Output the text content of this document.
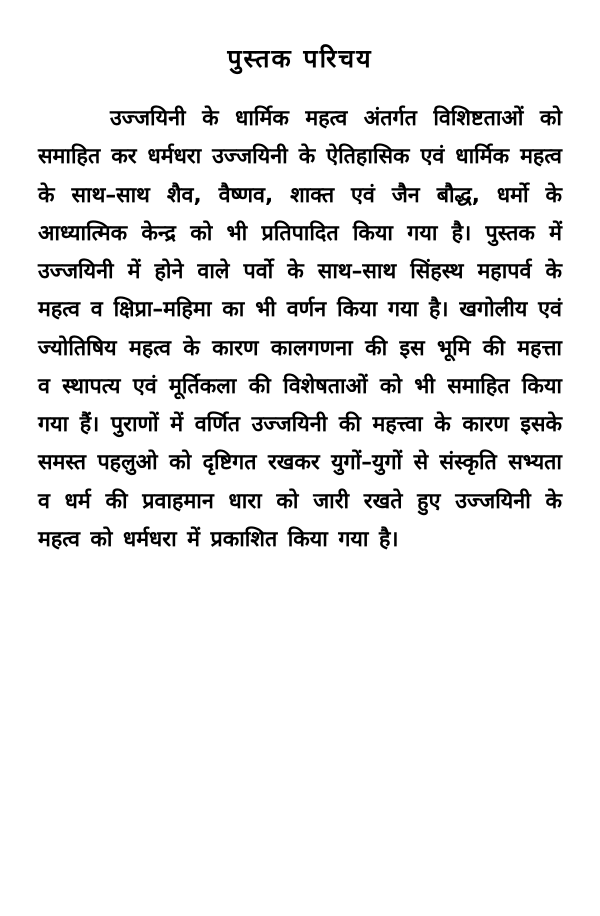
पुस्तक परिचय

उज्जयिनी के धार्मिक महत्व अंतर्गत विशिष्टताओं को समाहित कर धर्मधरा उज्जयिनी के ऐतिहासिक एवं धार्मिक महत्व के साथ–साथ शैव, वैष्णव, शाक्त एवं जैन बौद्ध, धर्मो के आध्यात्मिक केन्द्र को भी प्रतिपादित किया गया है। पुस्तक में उज्जयिनी में होने वाले पर्वो के साथ–साथ सिंहस्थ महापर्व के महत्व व क्षिप्रा–महिमा का भी वर्णन किया गया है। खगोलीय एवं ज्योतिषिय महत्व के कारण कालगणना की इस भूमि की महत्ता व स्थापत्य एवं मूर्तिकला की विशेषताओं को भी समाहित किया गया हैं। पुराणों में वर्णित उज्जयिनी की महत्त्वा के कारण इसके समस्त पहलुओ को दृष्टिगत रखकर युगों–युगों से संस्कृति सभ्यता व धर्म की प्रवाहमान धारा को जारी रखते हुए उज्जयिनी के महत्व को धर्मधरा में प्रकाशित किया गया है।
